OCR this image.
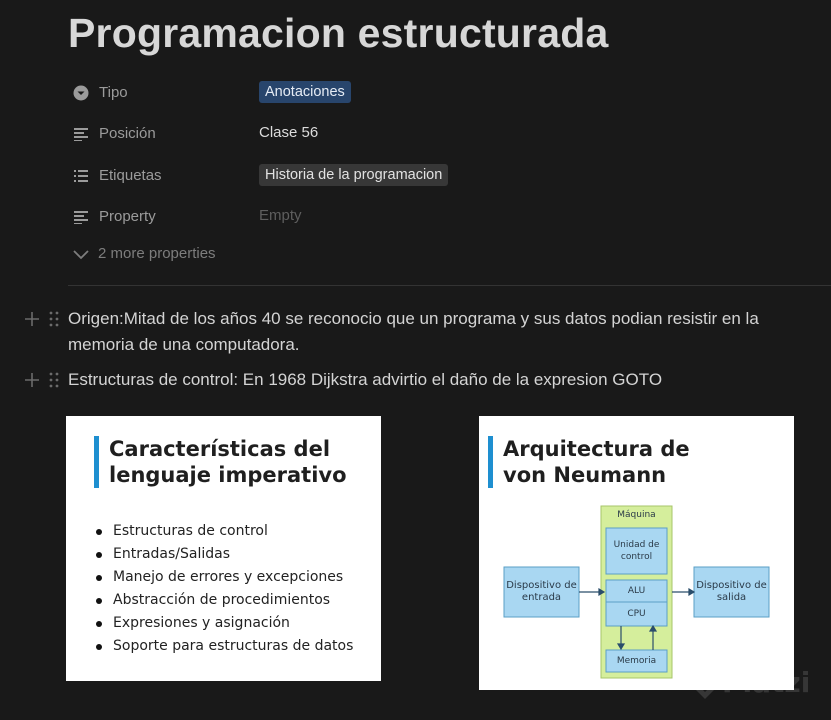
Programacion estructurada
Tipo	Anotaciones
Posición	Clase 56
Etiquetas	Historia de la programacion
Property	Empty
2 more properties
Origen:Mitad de los años 40 se reconocio que un programa y sus datos podian resistir en la memoria de una computadora.
Estructuras de control: En 1968 Dijkstra advirtio el daño de la expresion GOTO
Características del
lenguaje imperativo
Estructuras de control
Entradas/Salidas
Manejo de errores y excepciones
Abstracción de procedimientos
Expresiones y asignación
Soporte para estructuras de datos
Arquitectura de
von Neumann
Máquina
Unidad de control
ALU
CPU
Memoria
Dispositivo de entrada
Dispositivo de salida
Platzi
